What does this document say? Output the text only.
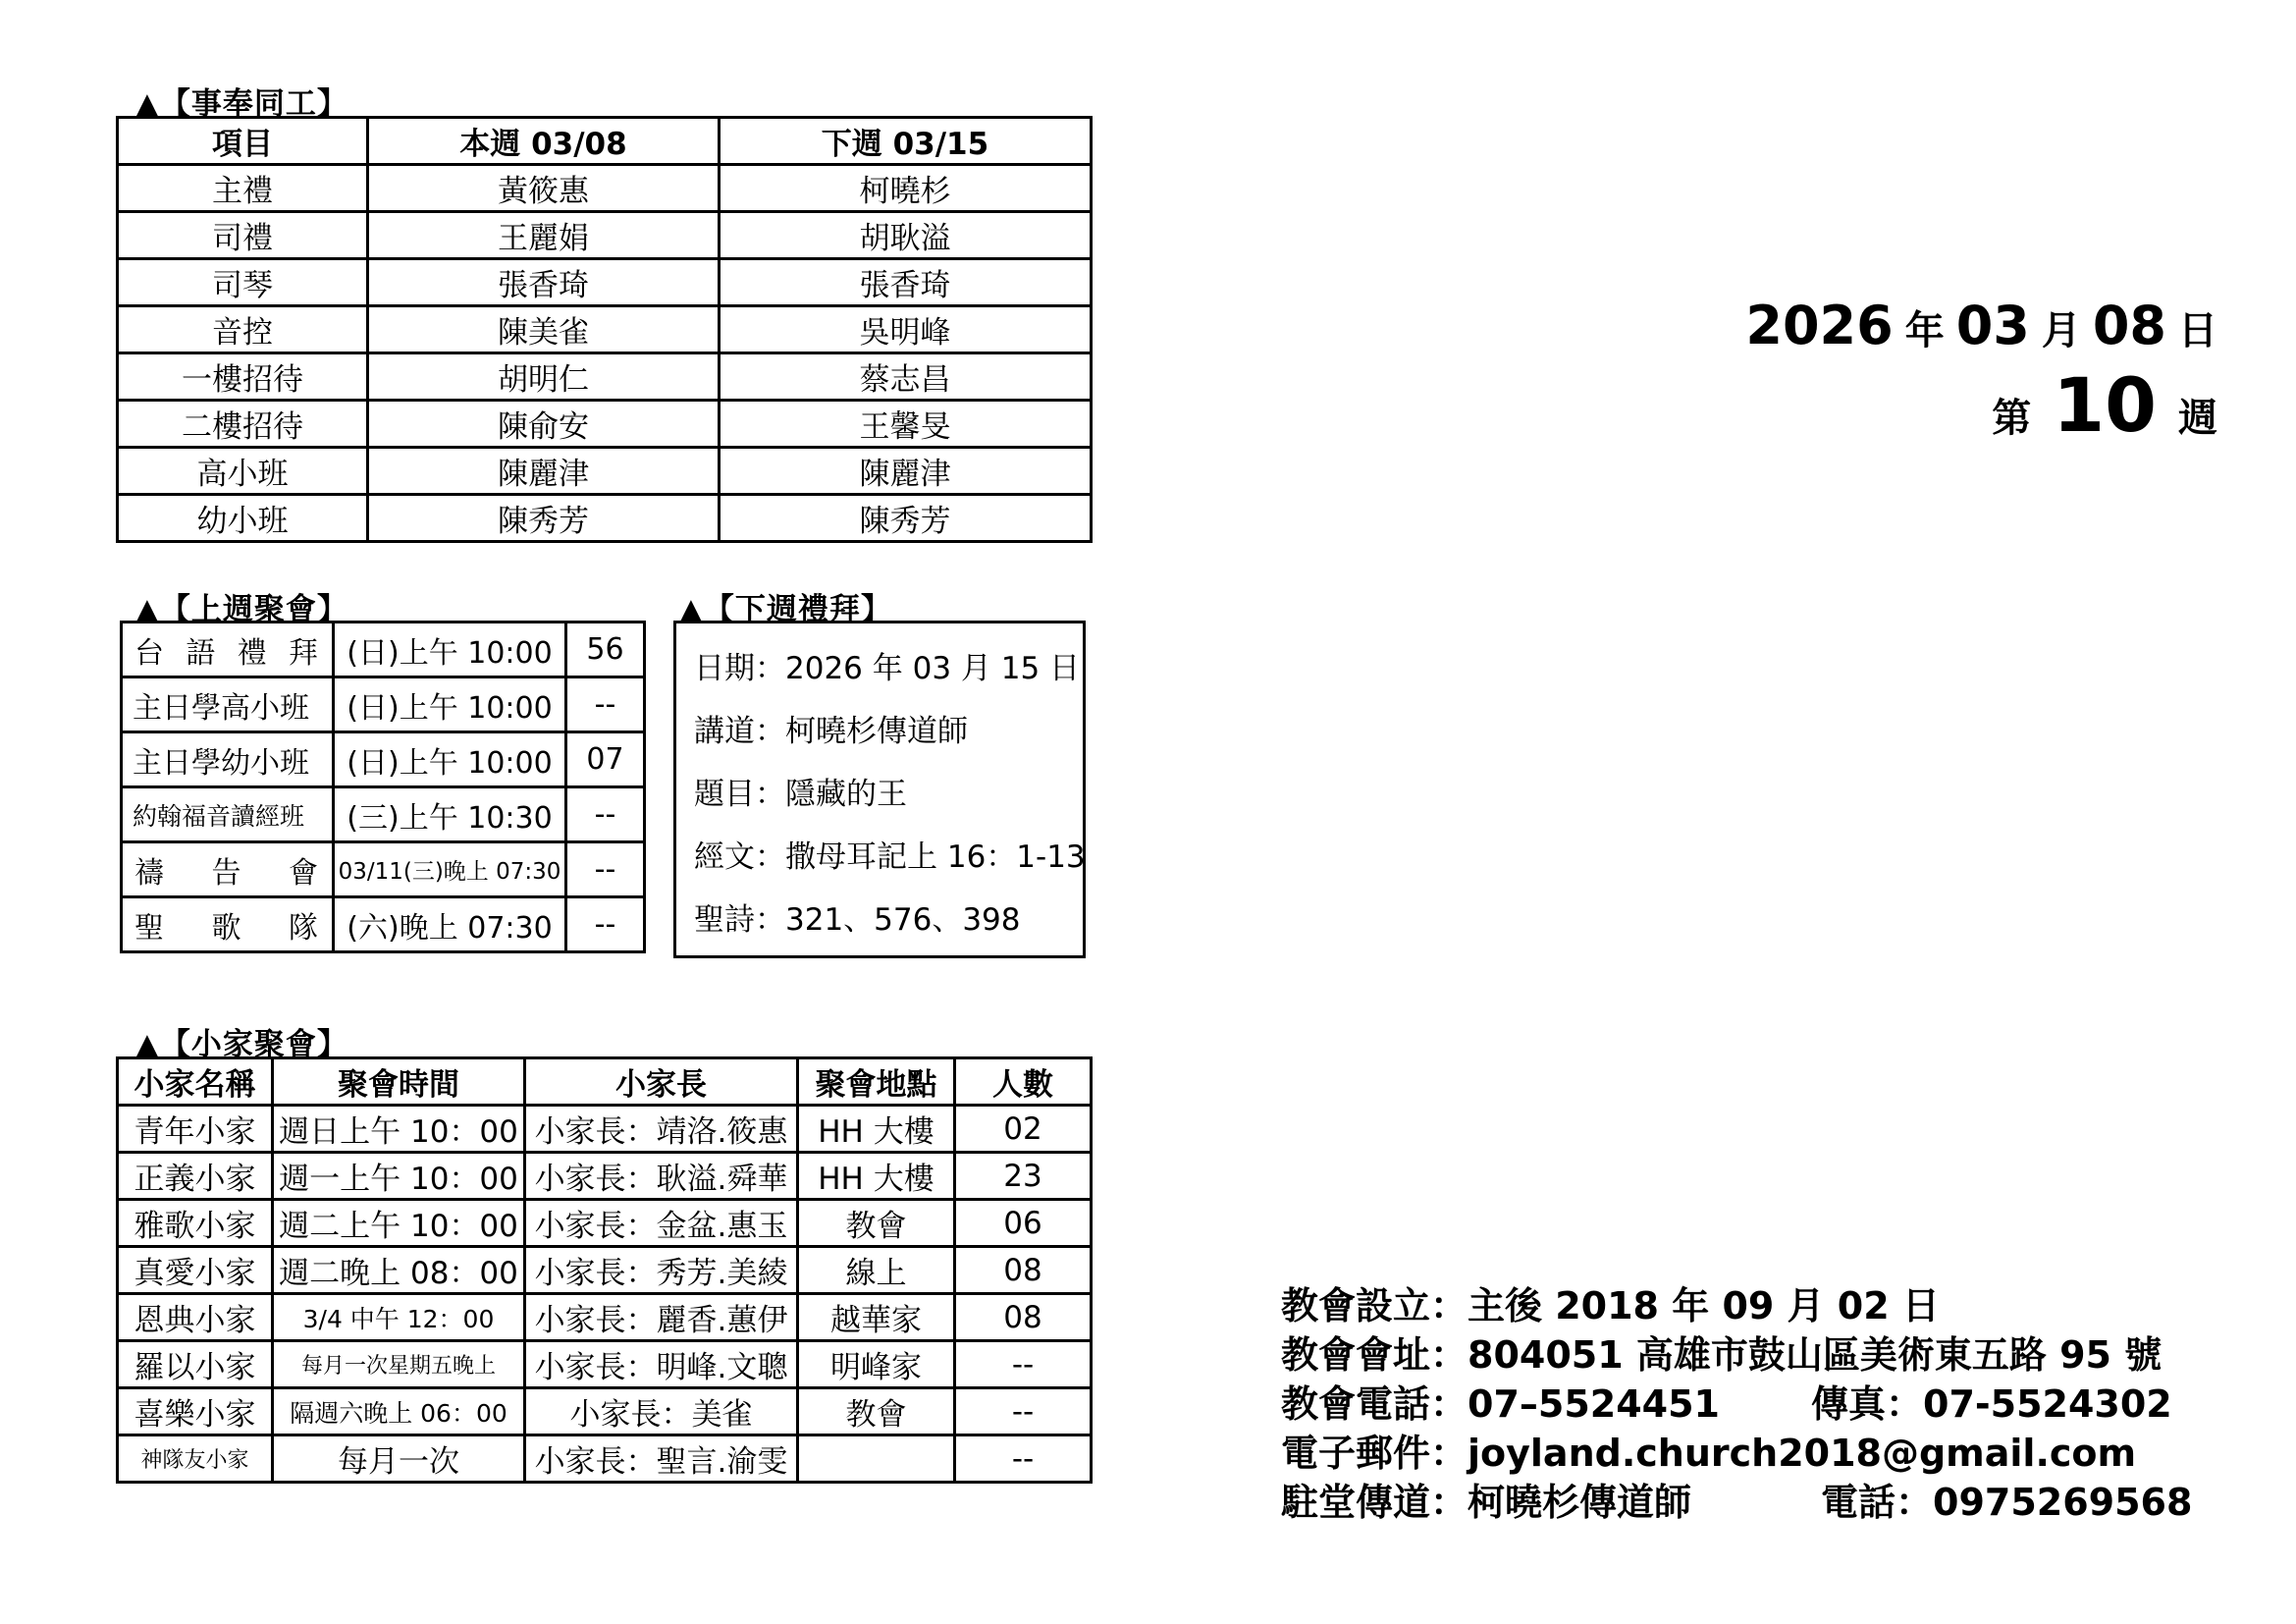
▲【事奉同工】
項目	本週 03/08	下週 03/15
主禮	黃筱惠	柯曉杉
司禮	王麗娟	胡耿溢
司琴	張香琦	張香琦
音控	陳美雀	吳明峰
一樓招待	胡明仁	蔡志昌
二樓招待	陳俞安	王馨旻
高小班	陳麗津	陳麗津
幼小班	陳秀芳	陳秀芳
▲【上週聚會】
台語禮拜	(日)上午 10:00	56
主日學高小班	(日)上午 10:00	--
主日學幼小班	(日)上午 10:00	07
約翰福音讀經班	(三)上午 10:30	--
禱告會	03/11(三)晚上 07:30	--
聖歌隊	(六)晚上 07:30	--
▲【下週禮拜】
日期：2026 年 03 月 15 日
講道：柯曉杉傳道師
題目：隱藏的王
經文：撒母耳記上 16：1-13
聖詩：321、576、398
▲【小家聚會】
小家名稱	聚會時間	小家長	聚會地點	人數
青年小家	週日上午 10：00	小家長：靖洛.筱惠	HH 大樓	02
正義小家	週一上午 10：00	小家長：耿溢.舜華	HH 大樓	23
雅歌小家	週二上午 10：00	小家長：金盆.惠玉	教會	06
真愛小家	週二晚上 08：00	小家長：秀芳.美綾	線上	08
恩典小家	3/4 中午 12：00	小家長：麗香.蕙伊	越華家	08
羅以小家	每月一次星期五晚上	小家長：明峰.文聰	明峰家	--
喜樂小家	隔週六晚上 06：00	小家長：美雀	教會	--
神隊友小家	每月一次	小家長：聖言.渝雯		--
2026 年 03 月 08 日
第 10 週
教會設立：主後 2018 年 09 月 02 日
教會會址：804051 高雄市鼓山區美術東五路 95 號
教會電話：07–5524451 傳真：07-5524302
電子郵件：joyland.church2018@gmail.com
駐堂傳道：柯曉杉傳道師	電話：0975269568
